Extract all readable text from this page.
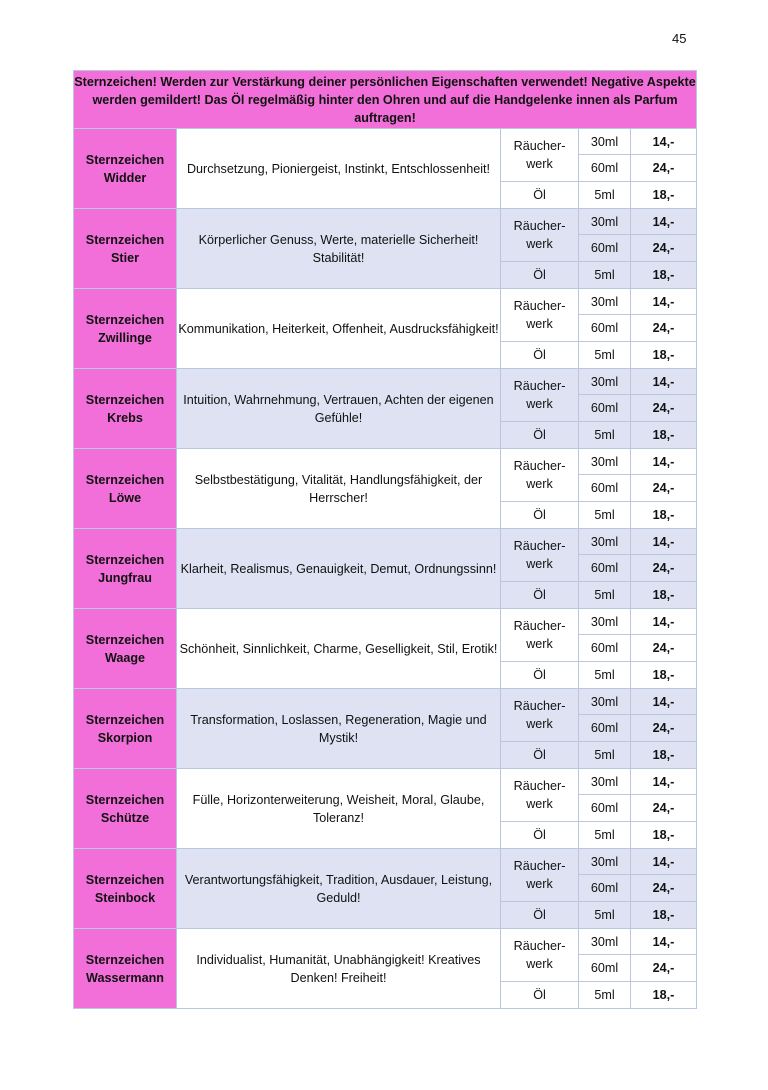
45
Sternzeichen! Werden zur Verstärkung deiner persönlichen Eigenschaften verwendet! Negative Aspekte werden gemildert! Das Öl regelmäßig hinter den Ohren und auf die Handgelenke innen als Parfum auftragen!				

Sternzeichen
Widder	Durchsetzung, Pioniergeist, Instinkt, Entschlossenheit!	Räucher-werk	30ml	14,-
			60ml	24,-
		Öl	5ml	18,-

Sternzeichen
Stier	Körperlicher Genuss, Werte, materielle Sicherheit! Stabilität!	Räucher-werk	30ml	14,-
			60ml	24,-
		Öl	5ml	18,-

Sternzeichen
Zwillinge	Kommunikation, Heiterkeit, Offenheit, Ausdrucksfähigkeit!	Räucher-werk	30ml	14,-
			60ml	24,-
		Öl	5ml	18,-

Sternzeichen
Krebs	Intuition, Wahrnehmung, Vertrauen, Achten der eigenen Gefühle!	Räucher-werk	30ml	14,-
			60ml	24,-
		Öl	5ml	18,-

Sternzeichen
Löwe	Selbstbestätigung, Vitalität, Handlungsfähigkeit, der Herrscher!	Räucher-werk	30ml	14,-
			60ml	24,-
		Öl	5ml	18,-

Sternzeichen
Jungfrau	Klarheit, Realismus, Genauigkeit, Demut, Ordnungssinn!	Räucher-werk	30ml	14,-
			60ml	24,-
		Öl	5ml	18,-

Sternzeichen
Waage	Schönheit, Sinnlichkeit, Charme, Geselligkeit, Stil, Erotik!	Räucher-werk	30ml	14,-
			60ml	24,-
		Öl	5ml	18,-

Sternzeichen
Skorpion	Transformation, Loslassen, Regeneration, Magie und Mystik!	Räucher-werk	30ml	14,-
			60ml	24,-
		Öl	5ml	18,-

Sternzeichen
Schütze	Fülle, Horizonterweiterung, Weisheit, Moral, Glaube, Toleranz!	Räucher-werk	30ml	14,-
			60ml	24,-
		Öl	5ml	18,-

Sternzeichen
Steinbock	Verantwortungsfähigkeit, Tradition, Ausdauer, Leistung, Geduld!	Räucher-werk	30ml	14,-
			60ml	24,-
		Öl	5ml	18,-

Sternzeichen
Wassermann	Individualist, Humanität, Unabhängigkeit! Kreatives Denken! Freiheit!	Räucher-werk	30ml	14,-
			60ml	24,-
		Öl	5ml	18,-
